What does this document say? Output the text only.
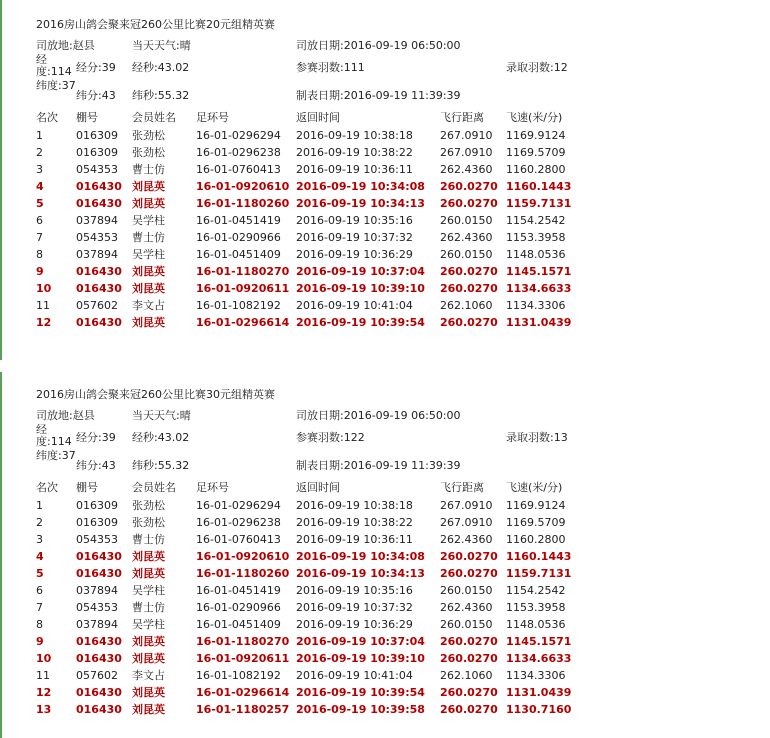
2016房山鸽会聚来冠260公里比赛20元组精英赛
司放地:赵县	当天天气:晴	司放日期:2016-09-19 06:50:00
经度:114 经分:39 经秒:43.02	参赛羽数:111	录取羽数:12
纬度:37
纬分:43 纬秒:55.32	制表日期:2016-09-19 11:39:39
名次 棚号	会员姓名 足环号	返回时间	飞行距离 飞速(米/分)
1	016309 张劲松	16-01-0296294 2016-09-19 10:38:18 267.0910 1169.9124
2	016309 张劲松	16-01-0296238 2016-09-19 10:38:22 267.0910 1169.5709
3	054353 曹士仿	16-01-0760413 2016-09-19 10:36:11 262.4360 1160.2800
4	016430 刘昆英	16-01-0920610 2016-09-19 10:34:08 260.0270 1160.1443
5	016430 刘昆英	16-01-1180260 2016-09-19 10:34:13 260.0270 1159.7131
6	037894 吴学柱	16-01-0451419 2016-09-19 10:35:16 260.0150 1154.2542
7	054353 曹士仿	16-01-0290966 2016-09-19 10:37:32 262.4360 1153.3958
8	037894 吴学柱	16-01-0451409 2016-09-19 10:36:29 260.0150 1148.0536
9	016430 刘昆英	16-01-1180270 2016-09-19 10:37:04 260.0270 1145.1571
10 016430 刘昆英	16-01-0920611 2016-09-19 10:39:10 260.0270 1134.6633
11 057602 李文占	16-01-1082192 2016-09-19 10:41:04 262.1060 1134.3306
12 016430 刘昆英	16-01-0296614 2016-09-19 10:39:54 260.0270 1131.0439
2016房山鸽会聚来冠260公里比赛30元组精英赛
司放地:赵县	当天天气:晴	司放日期:2016-09-19 06:50:00
经度:114 经分:39 经秒:43.02	参赛羽数:122	录取羽数:13
纬度:37
纬分:43 纬秒:55.32	制表日期:2016-09-19 11:39:39
名次 棚号	会员姓名 足环号	返回时间	飞行距离 飞速(米/分)
1	016309 张劲松	16-01-0296294 2016-09-19 10:38:18 267.0910 1169.9124
2	016309 张劲松	16-01-0296238 2016-09-19 10:38:22 267.0910 1169.5709
3	054353 曹士仿	16-01-0760413 2016-09-19 10:36:11 262.4360 1160.2800
4	016430 刘昆英	16-01-0920610 2016-09-19 10:34:08 260.0270 1160.1443
5	016430 刘昆英	16-01-1180260 2016-09-19 10:34:13 260.0270 1159.7131
6	037894 吴学柱	16-01-0451419 2016-09-19 10:35:16 260.0150 1154.2542
7	054353 曹士仿	16-01-0290966 2016-09-19 10:37:32 262.4360 1153.3958
8	037894 吴学柱	16-01-0451409 2016-09-19 10:36:29 260.0150 1148.0536
9	016430 刘昆英	16-01-1180270 2016-09-19 10:37:04 260.0270 1145.1571
10 016430 刘昆英	16-01-0920611 2016-09-19 10:39:10 260.0270 1134.6633
11 057602 李文占	16-01-1082192 2016-09-19 10:41:04 262.1060 1134.3306
12 016430 刘昆英	16-01-0296614 2016-09-19 10:39:54 260.0270 1131.0439
13 016430 刘昆英	16-01-1180257 2016-09-19 10:39:58 260.0270 1130.7160
